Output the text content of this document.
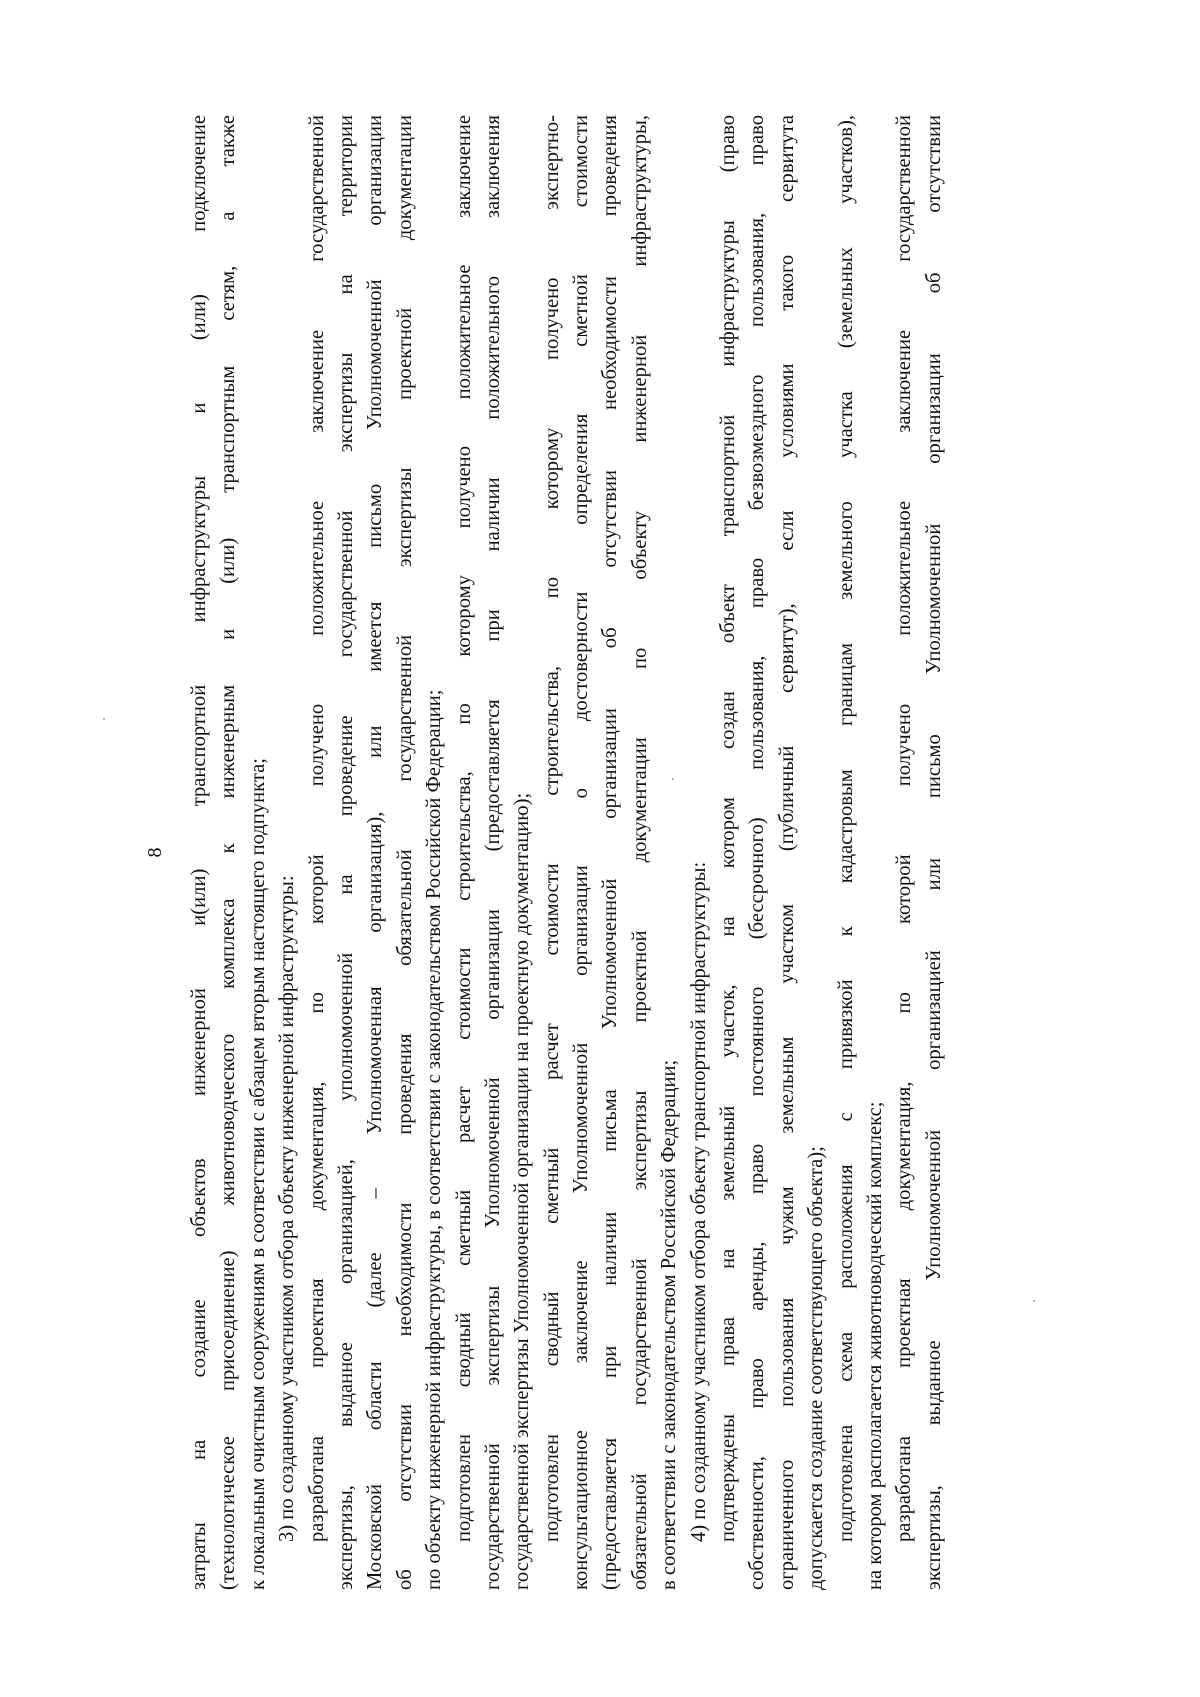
8 затраты на создание объектов инженерной и(или) транспортной инфраструктуры и (или) подключение (технологическое присоединение) животноводческого комплекса к инженерным и (или) транспортным сетям, а также к локальным очистным сооружениям в соответствии с абзацем вторым настоящего подпункта; 3) по созданному участником отбора объекту инженерной инфраструктуры: разработана проектная документация, по которой получено положительное заключение государственной экспертизы, выданное организацией, уполномоченной на проведение государственной экспертизы на территории Московской области (далее – Уполномоченная организация), или имеется письмо Уполномоченной организации об отсутствии необходимости проведения обязательной государственной экспертизы проектной документации по объекту инженерной инфраструктуры, в соответствии с законодательством Российской Федерации; подготовлен сводный сметный расчет стоимости строительства, по которому получено положительное заключение государственной экспертизы Уполномоченной организации (предоставляется при наличии положительного заключения государственной экспертизы Уполномоченной организации на проектную документацию); подготовлен сводный сметный расчет стоимости строительства, по которому получено экспертно- консультационное заключение Уполномоченной организации о достоверности определения сметной стоимости (предоставляется при наличии письма Уполномоченной организации об отсутствии необходимости проведения обязательной государственной экспертизы проектной документации по объекту инженерной инфраструктуры, в соответствии с законодательством Российской Федерации; 4) по созданному участником отбора объекту транспортной инфраструктуры: подтверждены права на земельный участок, на котором создан объект транспортной инфраструктуры (право собственности, право аренды, право постоянного (бессрочного) пользования, право безвозмездного пользования, право ограниченного пользования чужим земельным участком (публичный сервитут), если условиями такого сервитута допускается создание соответствующего объекта); подготовлена схема расположения с привязкой к кадастровым границам земельного участка (земельных участков), на котором располагается животноводческий комплекс; разработана проектная документация, по которой получено положительное заключение государственной экспертизы, выданное Уполномоченной организацией или письмо Уполномоченной организации об отсутствии
